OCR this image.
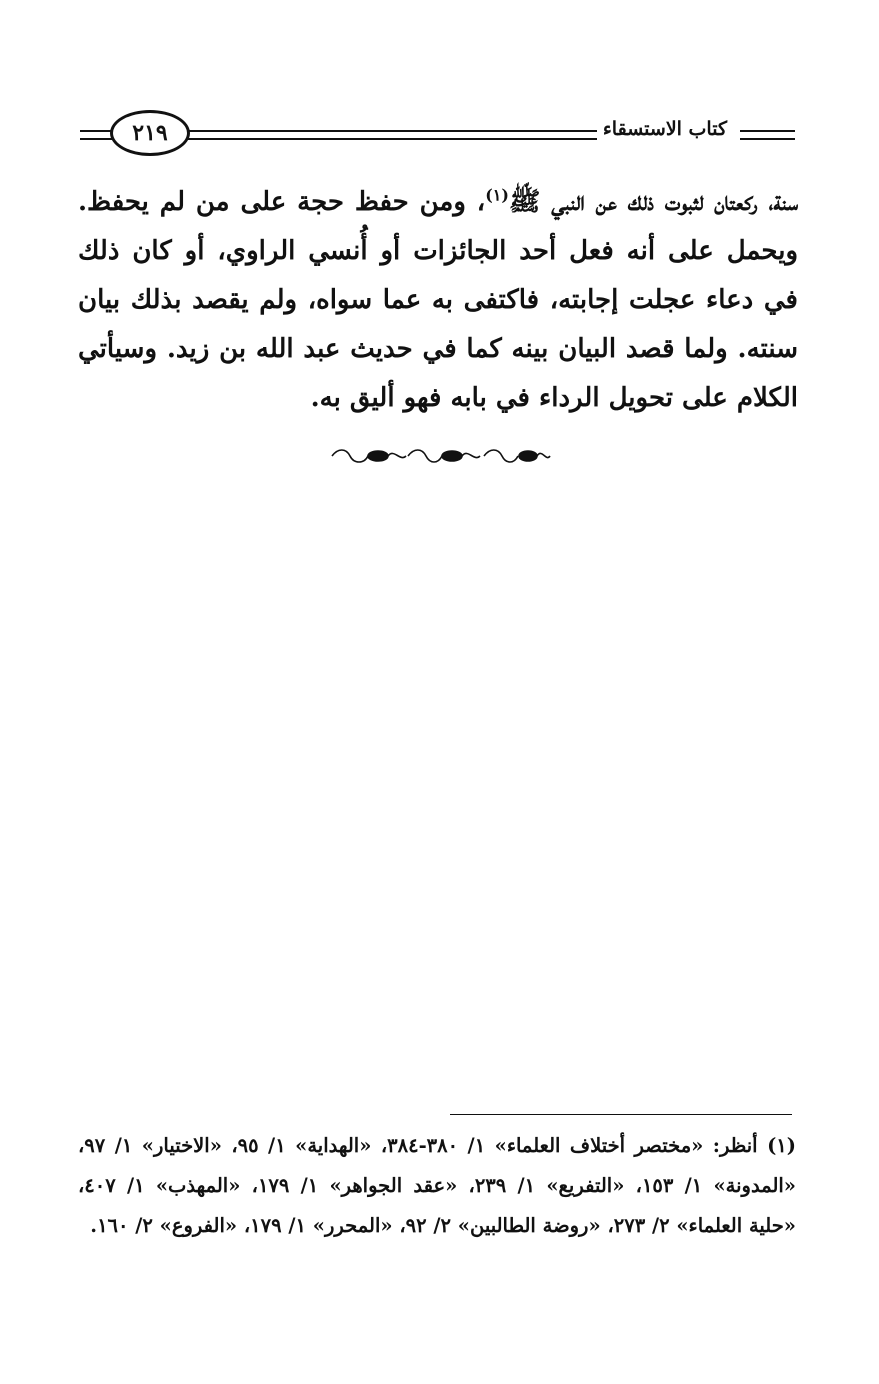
٢١٩	كتاب الاستسقاء

سنة، ركعتان لثبوت ذلك عن النبي ﷺ$^{(١)}$، ومن حفظ حجة على من لم يحفظ. ويحمل على أنه فعل أحد الجائزات أو أُنسي الراوي، أو كان ذلك في دعاء عجلت إجابته، فاكتفى به عما سواه، ولم يقصد بذلك بيان سنته. ولما قصد البيان بينه كما في حديث عبد الله بن زيد. وسيأتي الكلام على تحويل الرداء في بابه فهو أليق به.

(١) أنظر: «مختصر أختلاف العلماء» ١/ ٣٨٠-٣٨٤، «الهداية» ١/ ٩٥، «الاختيار» ١/ ٩٧، «المدونة» ١/ ١٥٣، «التفريع» ١/ ٢٣٩، «عقد الجواهر» ١/ ١٧٩، «المهذب» ١/ ٤٠٧، «حلية العلماء» ٢/ ٢٧٣، «روضة الطالبين» ٢/ ٩٢، «المحرر» ١/ ١٧٩، «الفروع» ٢/ ١٦٠.
